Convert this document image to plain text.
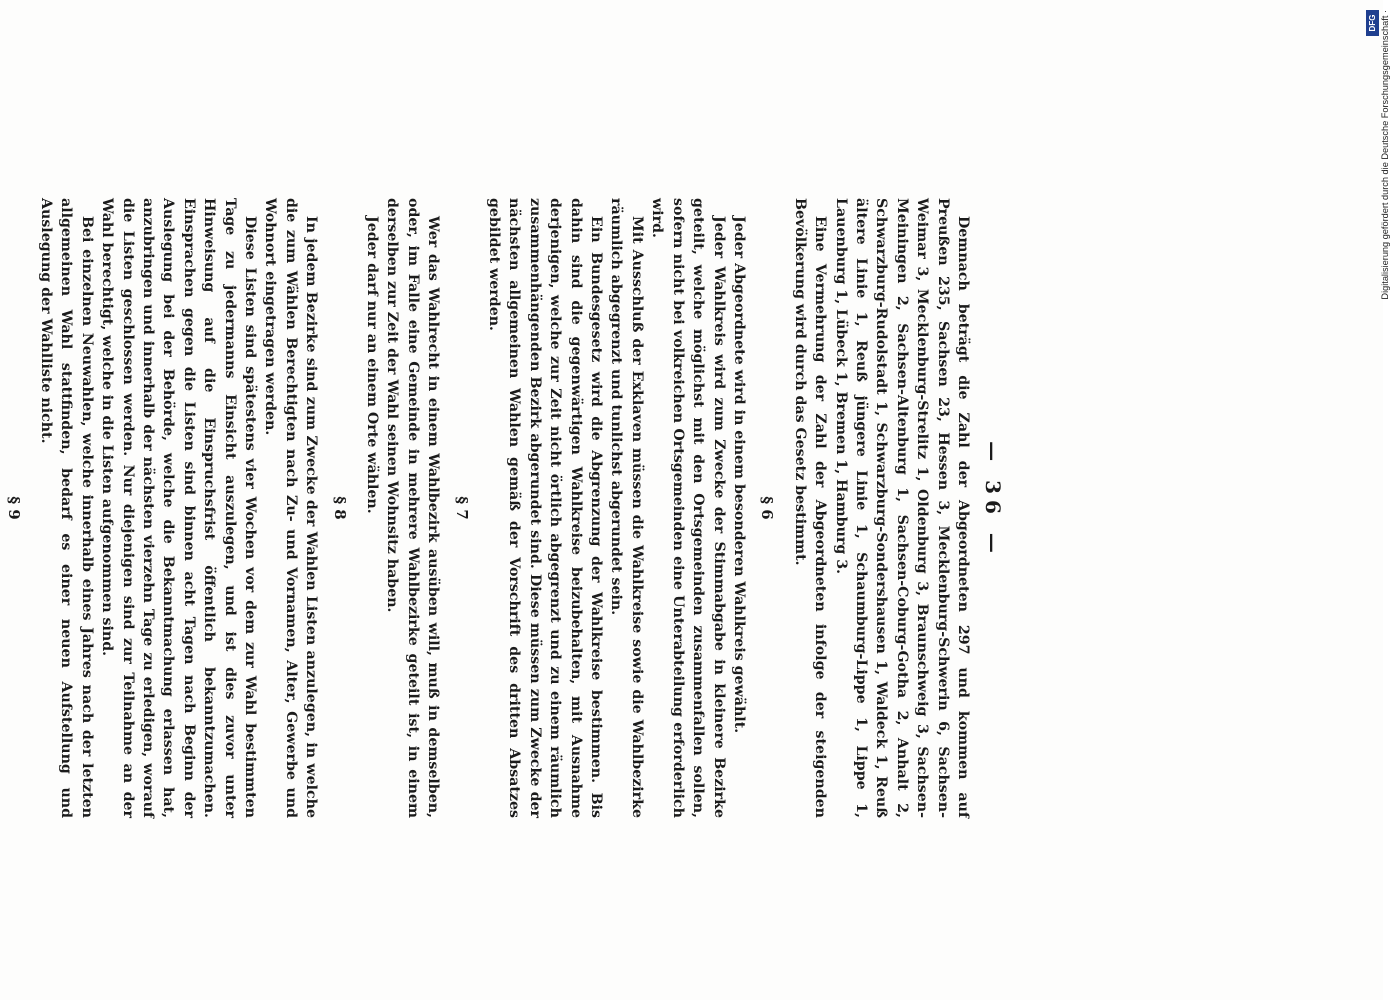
— 36 —

Demnach beträgt die Zahl der Abgeordneten 297 und kommen auf Preußen 235, Sachsen 23, Hessen 3, Mecklenburg-Schwerin 6, Sachsen-Weimar 3, Mecklenburg-Strelitz 1, Oldenburg 3, Braunschweig 3, Sachsen-Meiningen 2, Sachsen-Altenburg 1, Sachsen-Coburg-Gotha 2, Anhalt 2, Schwarzburg-Rudolstadt 1, Schwarzburg-Sondershausen 1, Waldeck 1, Reuß ältere Linie 1, Reuß jüngere Linie 1, Schaumburg-Lippe 1, Lippe 1, Lauenburg 1, Lübeck 1, Bremen 1, Hamburg 3.

Eine Vermehrung der Zahl der Abgeordneten infolge der steigenden Bevölkerung wird durch das Gesetz bestimmt.

§ 6

Jeder Abgeordnete wird in einem besonderen Wahlkreis gewählt.

Jeder Wahlkreis wird zum Zwecke der Stimmabgabe in kleinere Bezirke geteilt, welche möglichst mit den Ortsgemeinden zusammenfallen sollen, sofern nicht bei volkreichen Ortsgemeinden eine Unterabteilung erforderlich wird.

Mit Ausschluß der Exklaven müssen die Wahlkreise sowie die Wahlbezirke räumlich abgegrenzt und tunlichst abgerundet sein.

Ein Bundesgesetz wird die Abgrenzung der Wahlkreise bestimmen. Bis dahin sind die gegenwärtigen Wahlkreise beizubehalten, mit Ausnahme derjenigen, welche zur Zeit nicht örtlich abgegrenzt und zu einem räumlich zusammenhängenden Bezirk abgerundet sind. Diese müssen zum Zwecke der nächsten allgemeinen Wahlen gemäß der Vorschrift des dritten Absatzes gebildet werden.

§ 7

Wer das Wahlrecht in einem Wahlbezirk ausüben will, muß in demselben, oder, im Falle eine Gemeinde in mehrere Wahlbezirke geteilt ist, in einem derselben zur Zeit der Wahl seinen Wohnsitz haben.

Jeder darf nur an einem Orte wählen.

§ 8

In jedem Bezirke sind zum Zwecke der Wahlen Listen anzulegen, in welche die zum Wählen Berechtigten nach Zu- und Vornamen, Alter, Gewerbe und Wohnort eingetragen werden.

Diese Listen sind spätestens vier Wochen vor dem zur Wahl bestimmten Tage zu jedermanns Einsicht auszulegen, und ist dies zuvor unter Hinweisung auf die Einspruchsfrist öffentlich bekanntzumachen. Einsprachen gegen die Listen sind binnen acht Tagen nach Beginn der Auslegung bei der Behörde, welche die Bekanntmachung erlassen hat, anzubringen und innerhalb der nächsten vierzehn Tage zu erledigen, worauf die Listen geschlossen werden. Nur diejenigen sind zur Teilnahme an der Wahl berechtigt, welche in die Listen aufgenommen sind.

Bei einzelnen Neuwahlen, welche innerhalb eines Jahres nach der letzten allgemeinen Wahl stattfinden, bedarf es einer neuen Aufstellung und Auslegung der Wahlliste nicht.

§ 9

DFG Digitalisierung gefördert durch die Deutsche Forschungsgemeinschaft ·
